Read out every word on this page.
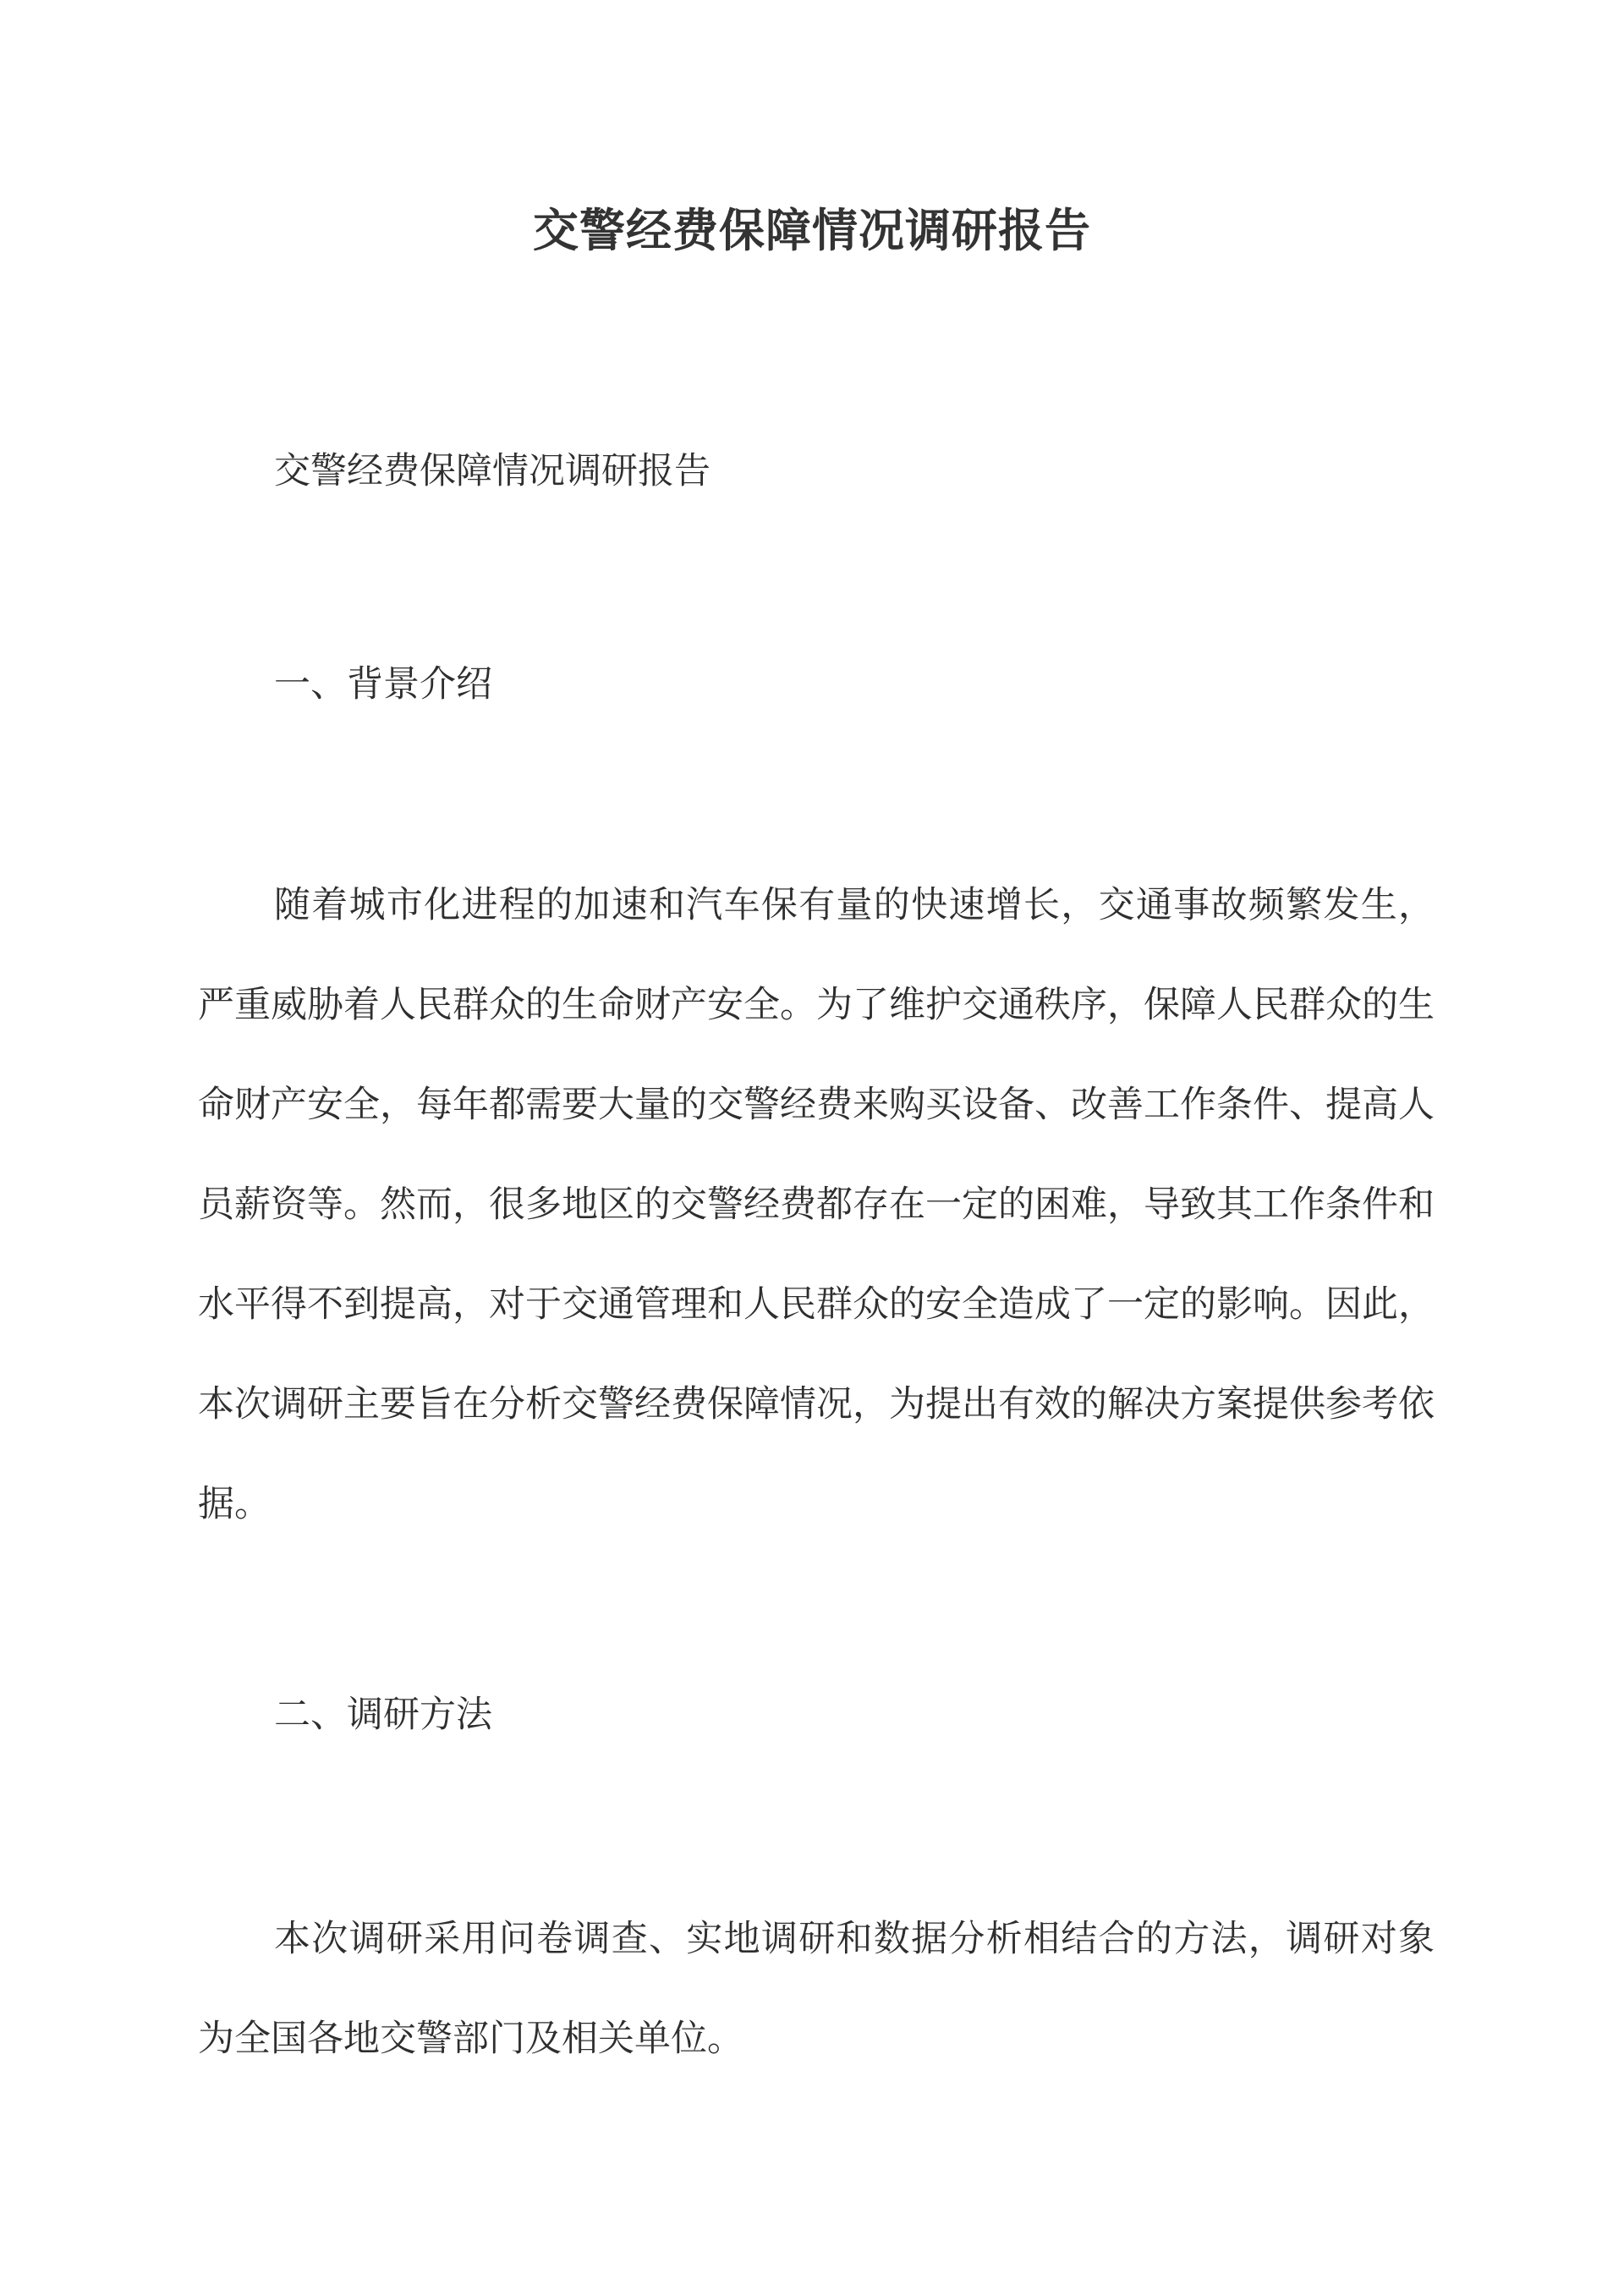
交警经费保障情况调研报告

交警经费保障情况调研报告

一、背景介绍

随着城市化进程的加速和汽车保有量的快速增长，交通事故频繁发生，严重威胁着人民群众的生命财产安全。为了维护交通秩序，保障人民群众的生命财产安全，每年都需要大量的交警经费来购买设备、改善工作条件、提高人员薪资等。然而，很多地区的交警经费都存在一定的困难，导致其工作条件和水平得不到提高，对于交通管理和人民群众的安全造成了一定的影响。因此，本次调研主要旨在分析交警经费保障情况，为提出有效的解决方案提供参考依据。

二、调研方法

本次调研采用问卷调查、实地调研和数据分析相结合的方法，调研对象为全国各地交警部门及相关单位。
